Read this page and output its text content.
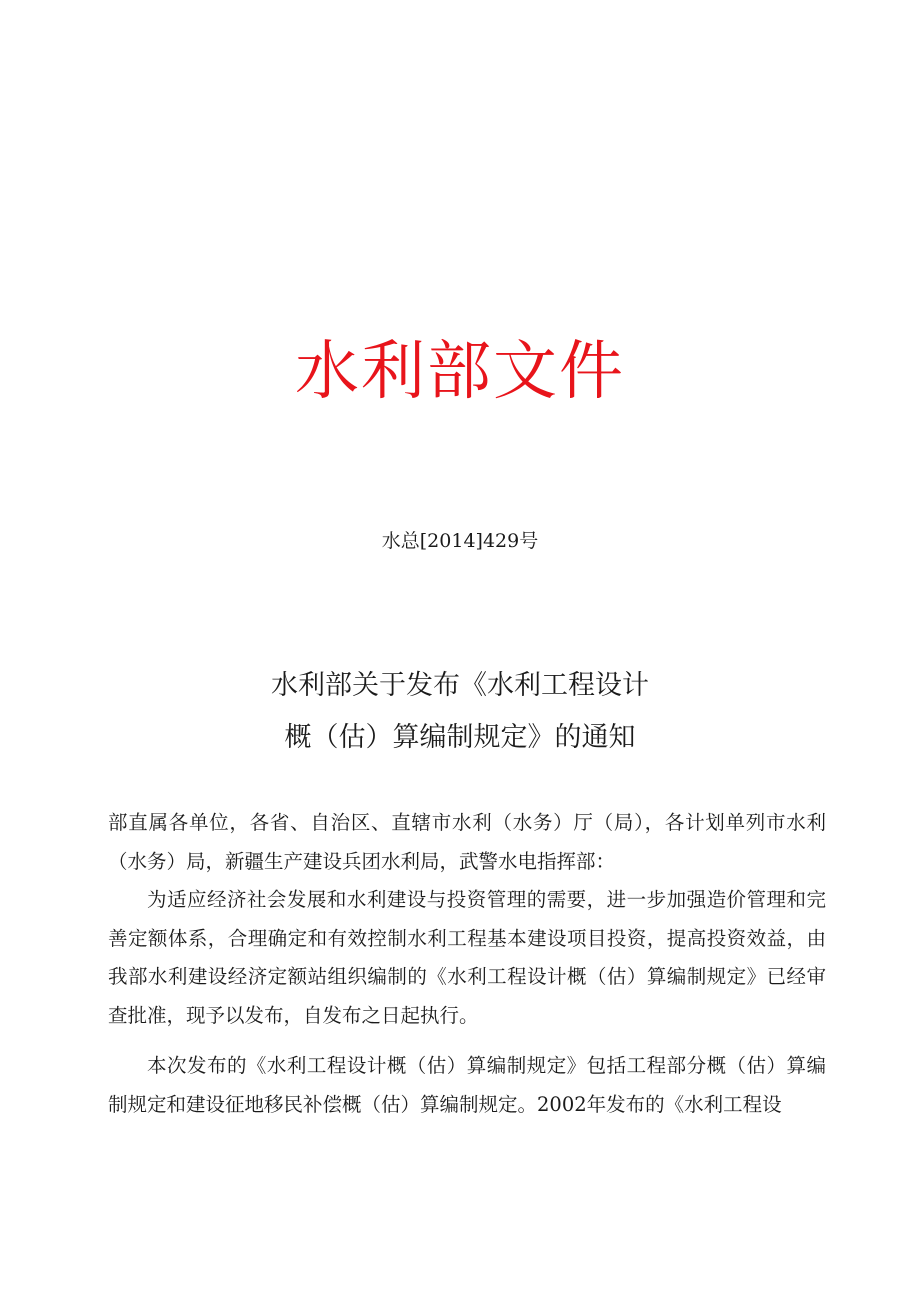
水利部文件
水总[2014]429号
水利部关于发布《水利工程设计
概（估）算编制规定》的通知

部直属各单位，各省、自治区、直辖市水利（水务）厅（局），各计划单列市水利（水务）局，新疆生产建设兵团水利局，武警水电指挥部：

为适应经济社会发展和水利建设与投资管理的需要，进一步加强造价管理和完善定额体系，合理确定和有效控制水利工程基本建设项目投资，提高投资效益，由我部水利建设经济定额站组织编制的《水利工程设计概（估）算编制规定》已经审查批准，现予以发布，自发布之日起执行。

本次发布的《水利工程设计概（估）算编制规定》包括工程部分概（估）算编制规定和建设征地移民补偿概（估）算编制规定。2002年发布的《水利工程设
